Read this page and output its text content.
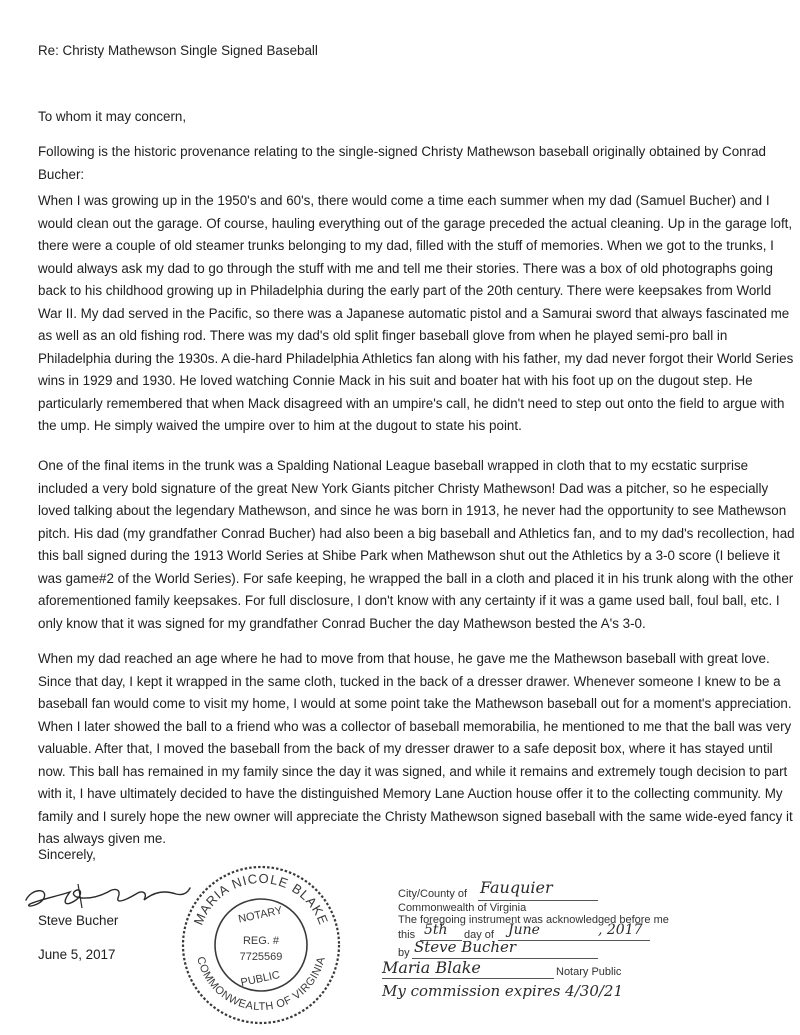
Re: Christy Mathewson Single Signed Baseball

To whom it may concern,

Following is the historic provenance relating to the single-signed Christy Mathewson baseball originally obtained by Conrad Bucher:

When I was growing up in the 1950's and 60's, there would come a time each summer when my dad (Samuel Bucher) and I would clean out the garage. Of course, hauling everything out of the garage preceded the actual cleaning. Up in the garage loft, there were a couple of old steamer trunks belonging to my dad, filled with the stuff of memories. When we got to the trunks, I would always ask my dad to go through the stuff with me and tell me their stories. There was a box of old photographs going back to his childhood growing up in Philadelphia during the early part of the 20th century. There were keepsakes from World War II. My dad served in the Pacific, so there was a Japanese automatic pistol and a Samurai sword that always fascinated me as well as an old fishing rod. There was my dad's old split finger baseball glove from when he played semi-pro ball in Philadelphia during the 1930s. A die-hard Philadelphia Athletics fan along with his father, my dad never forgot their World Series wins in 1929 and 1930. He loved watching Connie Mack in his suit and boater hat with his foot up on the dugout step. He particularly remembered that when Mack disagreed with an umpire's call, he didn't need to step out onto the field to argue with the ump. He simply waived the umpire over to him at the dugout to state his point.

One of the final items in the trunk was a Spalding National League baseball wrapped in cloth that to my ecstatic surprise included a very bold signature of the great New York Giants pitcher Christy Mathewson! Dad was a pitcher, so he especially loved talking about the legendary Mathewson, and since he was born in 1913, he never had the opportunity to see Mathewson pitch. His dad (my grandfather Conrad Bucher) had also been a big baseball and Athletics fan, and to my dad's recollection, had this ball signed during the 1913 World Series at Shibe Park when Mathewson shut out the Athletics by a 3-0 score (I believe it was game#2 of the World Series). For safe keeping, he wrapped the ball in a cloth and placed it in his trunk along with the other aforementioned family keepsakes. For full disclosure, I don't know with any certainty if it was a game used ball, foul ball, etc. I only know that it was signed for my grandfather Conrad Bucher the day Mathewson bested the A's 3-0.

When my dad reached an age where he had to move from that house, he gave me the Mathewson baseball with great love. Since that day, I kept it wrapped in the same cloth, tucked in the back of a dresser drawer. Whenever someone I knew to be a baseball fan would come to visit my home, I would at some point take the Mathewson baseball out for a moment's appreciation. When I later showed the ball to a friend who was a collector of baseball memorabilia, he mentioned to me that the ball was very valuable. After that, I moved the baseball from the back of my dresser drawer to a safe deposit box, where it has stayed until now. This ball has remained in my family since the day it was signed, and while it remains and extremely tough decision to part with it, I have ultimately decided to have the distinguished Memory Lane Auction house offer it to the collecting community. My family and I surely hope the new owner will appreciate the Christy Mathewson signed baseball with the same wide-eyed fancy it has always given me.

Sincerely,

Steve Bucher

June 5, 2017

MARIA NICOLE BLAKE
COMMONWEALTH OF VIRGINIA
NOTARY
REG. #
7725569
PUBLIC
City/County of Fauquier
Commonwealth of Virginia
The foregoing instrument was acknowledged before me
this 5th day of June	, 2017
by Steve Bucher
Maria Blake	Notary Public
My commission expires 4/30/21
